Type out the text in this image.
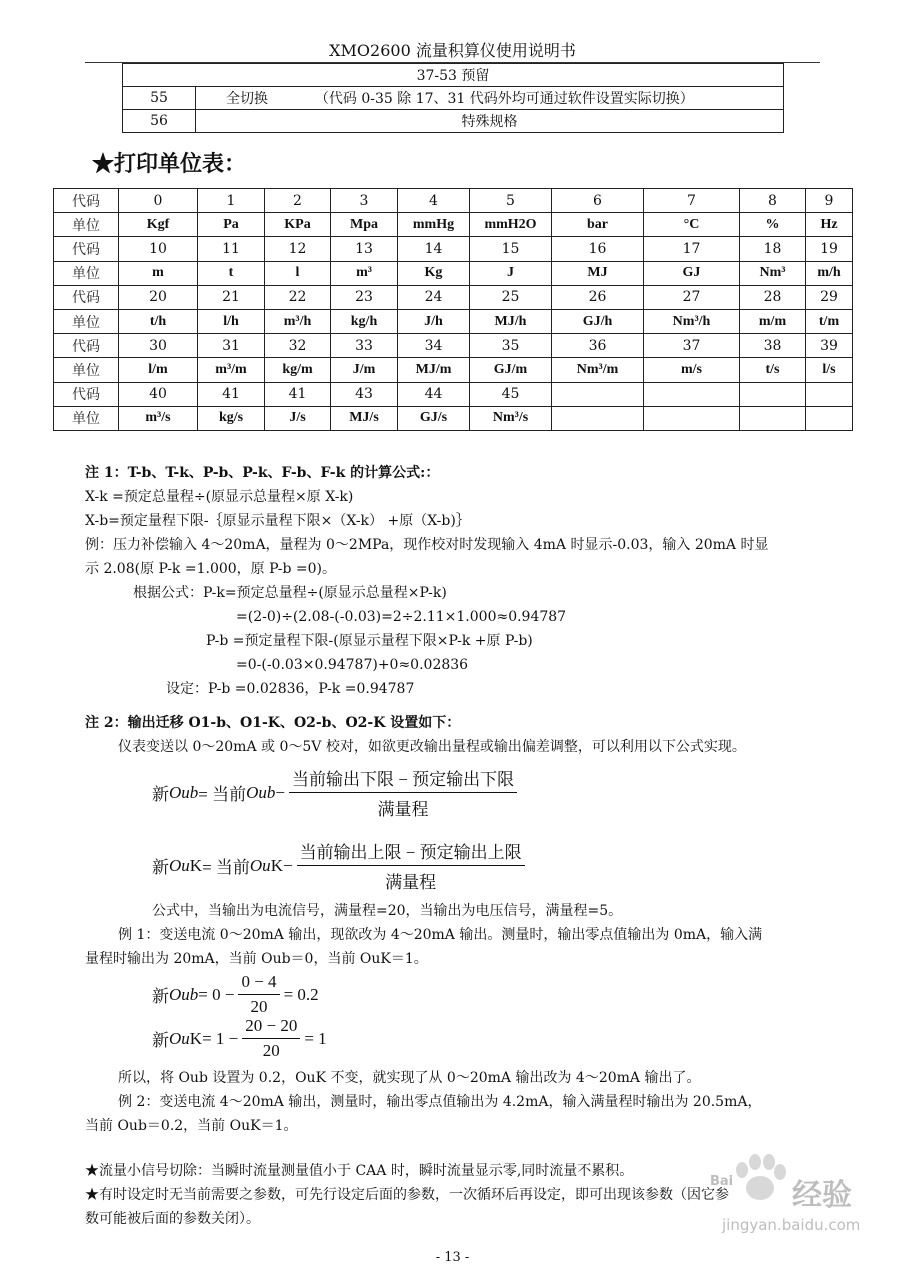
XMO2600 流量积算仪使用说明书
37-53 预留	
55	全切换 （代码 0-35 除 17、31 代码外均可通过软件设置实际切换）
56	特殊规格
★打印单位表：
代码	0	1	2	3	4	5	6	7	8	9
单位	Kgf	Pa	KPa	Mpa	mmHg	mmH2O	bar	°C	%	Hz
代码	10	11	12	13	14	15	16	17	18	19
单位	m	t	l	m³	Kg	J	MJ	GJ	Nm³	m/h
代码	20	21	22	23	24	25	26	27	28	29
单位	t/h	l/h	m³/h	kg/h	J/h	MJ/h	GJ/h	Nm³/h	m/m	t/m
代码	30	31	32	33	34	35	36	37	38	39
单位	l/m	m³/m	kg/m	J/m	MJ/m	GJ/m	Nm³/m	m/s	t/s	l/s
代码	40	41	41	43	44	45				
单位	m³/s	kg/s	J/s	MJ/s	GJ/s	Nm³/s				
注 1：T-b、T-k、P-b、P-k、F-b、F-k 的计算公式:：
X-k =预定总量程÷(原显示总量程×原 X-k)
X-b=预定量程下限-｛原显示量程下限×（X-k） +原（X-b)｝
例：压力补偿输入 4～20mA，量程为 0～2MPa，现作校对时发现输入 4mA 时显示-0.03，输入 20mA 时显
示 2.08(原 P-k =1.000，原 P-b =0)。
根据公式：P-k=预定总量程÷(原显示总量程×P-k)
=(2-0)÷(2.08-(-0.03)=2÷2.11×1.000≈0.94787
P-b =预定量程下限-(原显示量程下限×P-k +原 P-b)
=0-(-0.03×0.94787)+0≈0.02836
设定：P-b =0.02836，P-k =0.94787
注 2：输出迁移 O1-b、O1-K、O2-b、O2-K 设置如下：
仪表变送以 0～20mA 或 0～5V 校对，如欲更改输出量程或输出偏差调整，可以利用以下公式实现。
新 Oub = 当前 Oub − $\frac{\text{当前输出下限 − 预定输出下限}}{\text{满量程}}$
新 Ou K = 当前 Ou $K - \frac{\text{当前输出上限 − 预定输出上限}}{\text{满量程}}$
公式中，当输出为电流信号，满量程=20，当输出为电压信号，满量程=5。
例 1：变送电流 0～20mA 输出，现欲改为 4～20mA 输出。测量时，输出零点值输出为 0mA，输入满
量程时输出为 20mA，当前 Oub＝0，当前 OuK＝1。
新 Oub = $0 - \frac{0 - 4}{20} = 0.2$
新 Ou $K = 1 - \frac{20 - 20}{20} = 1$
所以，将 Oub 设置为 0.2，OuK 不变，就实现了从 0～20mA 输出改为 4～20mA 输出了。
例 2：变送电流 4～20mA 输出，测量时，输出零点值输出为 4.2mA，输入满量程时输出为 20.5mA，
当前 Oub＝0.2，当前 OuK＝1。
★流量小信号切除：当瞬时流量测量值小于 CAA 时，瞬时流量显示零,同时流量不累积。
★有时设定时无当前需要之参数，可先行设定后面的参数，一次循环后再设定，即可出现该参数（因它参
数可能被后面的参数关闭）。
经验
Bai
jingyan.baidu.com
- 13 -
